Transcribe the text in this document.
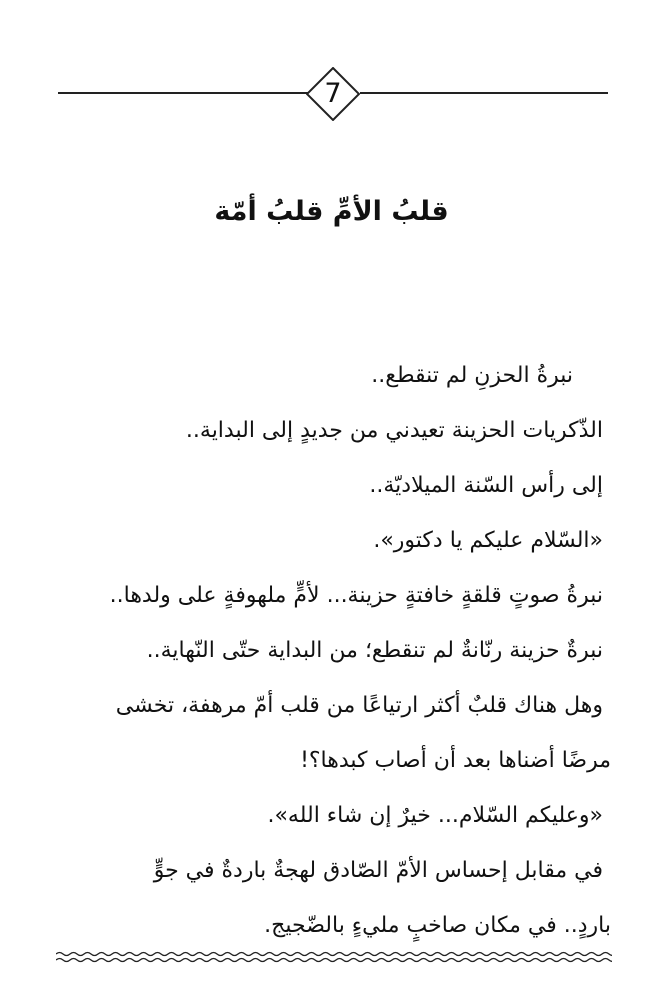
7
قلبُ الأمِّ قلبُ أمّة
نبرةُ الحزنِ لم تنقطع..
الذّكريات الحزينة تعيدني من جديدٍ إلى البداية..
إلى رأس السّنة الميلاديّة..
«السّلام عليكم يا دكتور».
نبرةُ صوتٍ قلقةٍ خافتةٍ حزينة... لأمٍّ ملهوفةٍ على ولدها..
نبرةٌ حزينة رنّانةٌ لم تنقطع؛ من البداية حتّى النّهاية..
وهل هناك قلبٌ أكثر ارتياعًا من قلب أمّ مرهفة، تخشى
مرضًا أضناها بعد أن أصاب كبدها؟!
«وعليكم السّلام... خيرٌ إن شاء الله».
في مقابل إحساس الأمّ الصّادق لهجةٌ باردةٌ في جوٍّ
باردٍ.. في مكان صاخبٍ مليءٍ بالضّجيج.
